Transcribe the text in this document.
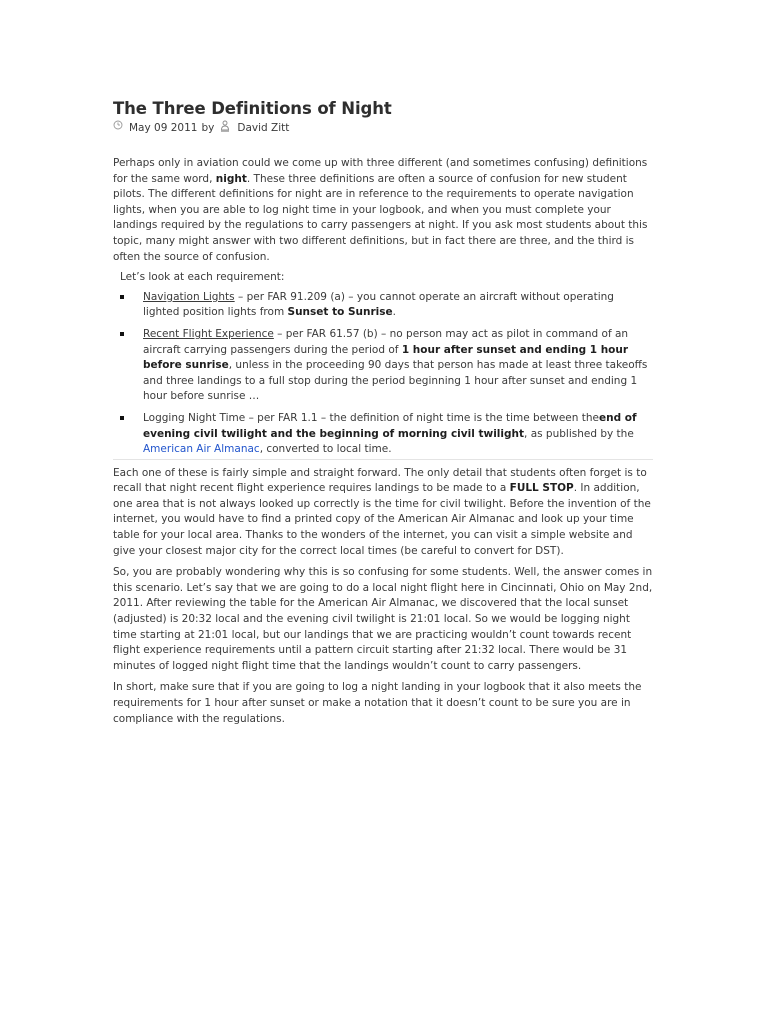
The Three Definitions of Night
May 09 2011 by David Zitt

Perhaps only in aviation could we come up with three different (and sometimes confusing) definitions for the same word, night. These three definitions are often a source of confusion for new student pilots. The different definitions for night are in reference to the requirements to operate navigation lights, when you are able to log night time in your logbook, and when you must complete your landings required by the regulations to carry passengers at night. If you ask most students about this topic, many might answer with two different definitions, but in fact there are three, and the third is often the source of confusion.

Let’s look at each requirement:

Navigation Lights – per FAR 91.209 (a) – you cannot operate an aircraft without operating lighted position lights from Sunset to Sunrise.
Recent Flight Experience – per FAR 61.57 (b) – no person may act as pilot in command of an aircraft carrying passengers during the period of 1 hour after sunset and ending 1 hour before sunrise, unless in the proceeding 90 days that person has made at least three takeoffs and three landings to a full stop during the period beginning 1 hour after sunset and ending 1 hour before sunrise …
Logging Night Time – per FAR 1.1 – the definition of night time is the time between theend of evening civil twilight and the beginning of morning civil twilight, as published by the American Air Almanac, converted to local time.

Each one of these is fairly simple and straight forward. The only detail that students often forget is to recall that night recent flight experience requires landings to be made to a FULL STOP. In addition, one area that is not always looked up correctly is the time for civil twilight. Before the invention of the internet, you would have to find a printed copy of the American Air Almanac and look up your time table for your local area. Thanks to the wonders of the internet, you can visit a simple website and give your closest major city for the correct local times (be careful to convert for DST).

So, you are probably wondering why this is so confusing for some students. Well, the answer comes in this scenario. Let’s say that we are going to do a local night flight here in Cincinnati, Ohio on May 2nd, 2011. After reviewing the table for the American Air Almanac, we discovered that the local sunset (adjusted) is 20:32 local and the evening civil twilight is 21:01 local. So we would be logging night time starting at 21:01 local, but our landings that we are practicing wouldn’t count towards recent flight experience requirements until a pattern circuit starting after 21:32 local. There would be 31 minutes of logged night flight time that the landings wouldn’t count to carry passengers.

In short, make sure that if you are going to log a night landing in your logbook that it also meets the requirements for 1 hour after sunset or make a notation that it doesn’t count to be sure you are in compliance with the regulations.
